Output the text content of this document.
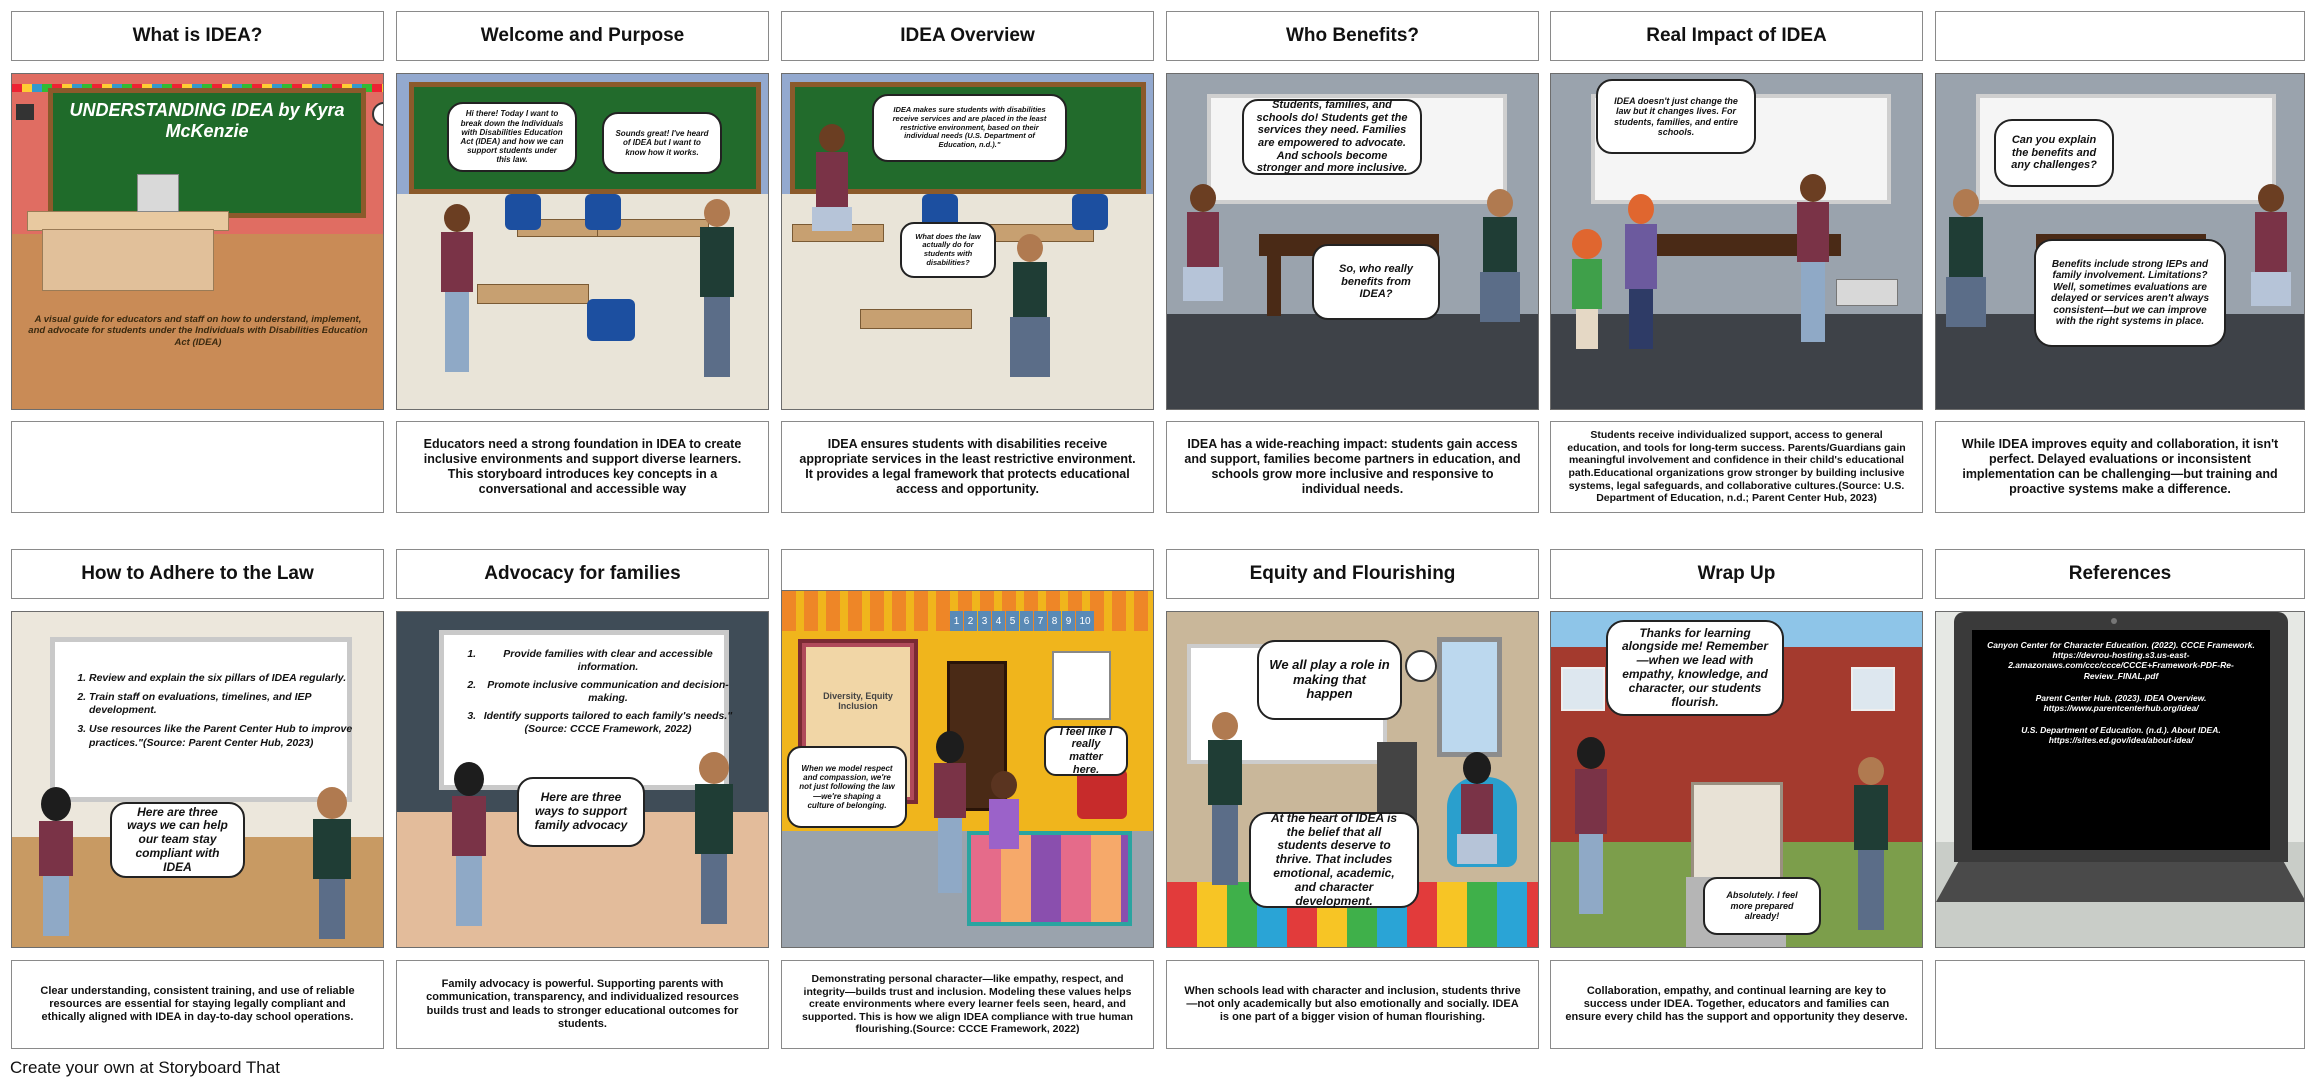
What is IDEA?	Welcome and Purpose	IDEA Overview	Who Benefits?	Real Impact of IDEA
UNDERSTANDING IDEA by Kyra McKenzie
A visual guide for educators and staff on how to understand, implement, and advocate for students under the Individuals with Disabilities Education Act (IDEA)
Hi there! Today I want to break down the Individuals with Disabilities Education Act (IDEA) and how we can support students under this law.
Sounds great! I've heard of IDEA but I want to know how it works.
IDEA makes sure students with disabilities receive services and are placed in the least restrictive environment, based on their individual needs (U.S. Department of Education, n.d.)."
What does the law actually do for students with disabilities?
Students, families, and schools do! Students get the services they need. Families are empowered to advocate. And schools become stronger and more inclusive.
So, who really benefits from IDEA?
IDEA doesn't just change the law but it changes lives. For students, families, and entire schools.
Can you explain the benefits and any challenges?
Benefits include strong IEPs and family involvement. Limitations? Well, sometimes evaluations are delayed or services aren't always consistent—but we can improve with the right systems in place.
Educators need a strong foundation in IDEA to create inclusive environments and support diverse learners. This storyboard introduces key concepts in a conversational and accessible way
IDEA ensures students with disabilities receive appropriate services in the least restrictive environment. It provides a legal framework that protects educational access and opportunity.
IDEA has a wide-reaching impact: students gain access and support, families become partners in education, and schools grow more inclusive and responsive to individual needs.
Students receive individualized support, access to general education, and tools for long-term success. Parents/Guardians gain meaningful involvement and confidence in their child's educational path.Educational organizations grow stronger by building inclusive systems, legal safeguards, and collaborative cultures.(Source: U.S. Department of Education, n.d.; Parent Center Hub, 2023)
While IDEA improves equity and collaboration, it isn't perfect. Delayed evaluations or inconsistent implementation can be challenging—but training and proactive systems make a difference.
How to Adhere to the Law	Advocacy for families	Equity and Flourishing	Wrap Up	References
1. Review and explain the six pillars of IDEA regularly.
2. Train staff on evaluations, timelines, and IEP development.
3. Use resources like the Parent Center Hub to improve practices."(Source: Parent Center Hub, 2023)
Here are three ways we can help our team stay compliant with IDEA
1. Provide families with clear and accessible information.
2. Promote inclusive communication and decision-making.
3. Identify supports tailored to each family's needs."(Source: CCCE Framework, 2022)
Here are three ways to support family advocacy
Diversity, Equity Inclusion
1 2 3 4 5 6 7 8 9 10
When we model respect and compassion, we're not just following the law—we're shaping a culture of belonging.
I feel like I really matter here.
We all play a role in making that happen
At the heart of IDEA is the belief that all students deserve to thrive. That includes emotional, academic, and character development.
Thanks for learning alongside me! Remember—when we lead with empathy, knowledge, and character, our students flourish.
Absolutely. I feel more prepared already!
Canyon Center for Character Education. (2022). CCCE Framework. https://devrou-hosting.s3.us-east-2.amazonaws.com/ccc/ccce/CCCE+Framework-PDF-Re-Review_FINAL.pdf
Parent Center Hub. (2023). IDEA Overview. https://www.parentcenterhub.org/idea/
U.S. Department of Education. (n.d.). About IDEA. https://sites.ed.gov/idea/about-idea/
Clear understanding, consistent training, and use of reliable resources are essential for staying legally compliant and ethically aligned with IDEA in day-to-day school operations.
Family advocacy is powerful. Supporting parents with communication, transparency, and individualized resources builds trust and leads to stronger educational outcomes for students.
Demonstrating personal character—like empathy, respect, and integrity—builds trust and inclusion. Modeling these values helps create environments where every learner feels seen, heard, and supported. This is how we align IDEA compliance with true human flourishing.(Source: CCCE Framework, 2022)
When schools lead with character and inclusion, students thrive—not only academically but also emotionally and socially. IDEA is one part of a bigger vision of human flourishing.
Collaboration, empathy, and continual learning are key to success under IDEA. Together, educators and families can ensure every child has the support and opportunity they deserve.
Create your own at Storyboard That
